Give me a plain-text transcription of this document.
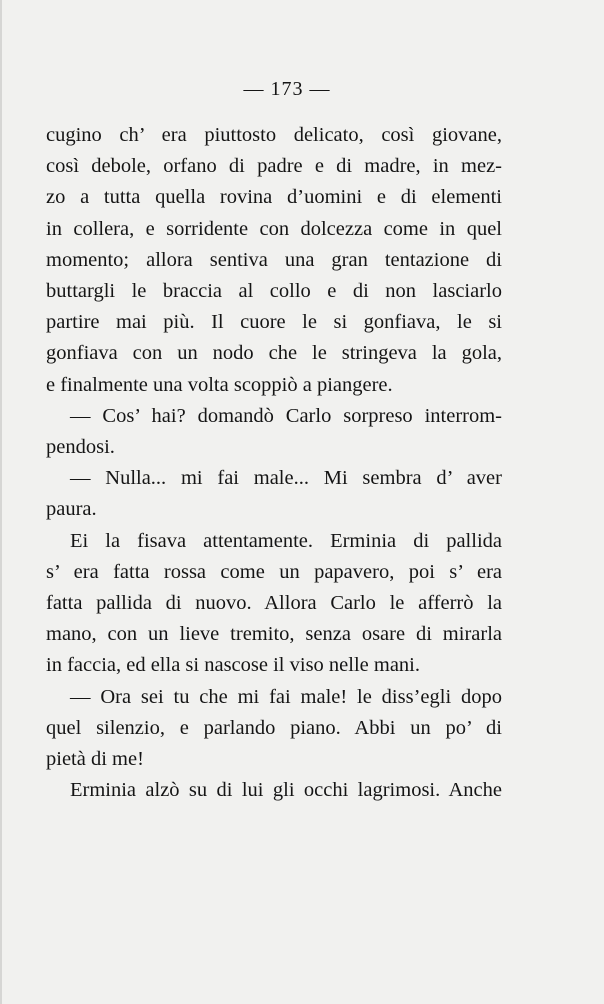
— 173 —
cugino ch’ era piuttosto delicato, così giovane,
così debole, orfano di padre e di madre, in mez-
zo a tutta quella rovina d’uomini e di elementi
in collera, e sorridente con dolcezza come in quel
momento; allora sentiva una gran tentazione di
buttargli le braccia al collo e di non lasciarlo
partire mai più. Il cuore le si gonfiava, le si
gonfiava con un nodo che le stringeva la gola,
e finalmente una volta scoppiò a piangere.
— Cos’ hai? domandò Carlo sorpreso interrom-
pendosi.
— Nulla... mi fai male... Mi sembra d’ aver
paura.
Ei la fisava attentamente. Erminia di pallida
s’ era fatta rossa come un papavero, poi s’ era
fatta pallida di nuovo. Allora Carlo le afferrò la
mano, con un lieve tremito, senza osare di mirarla
in faccia, ed ella si nascose il viso nelle mani.
— Ora sei tu che mi fai male! le diss’egli dopo
quel silenzio, e parlando piano. Abbi un po’ di
pietà di me!
Erminia alzò su di lui gli occhi lagrimosi. Anche
